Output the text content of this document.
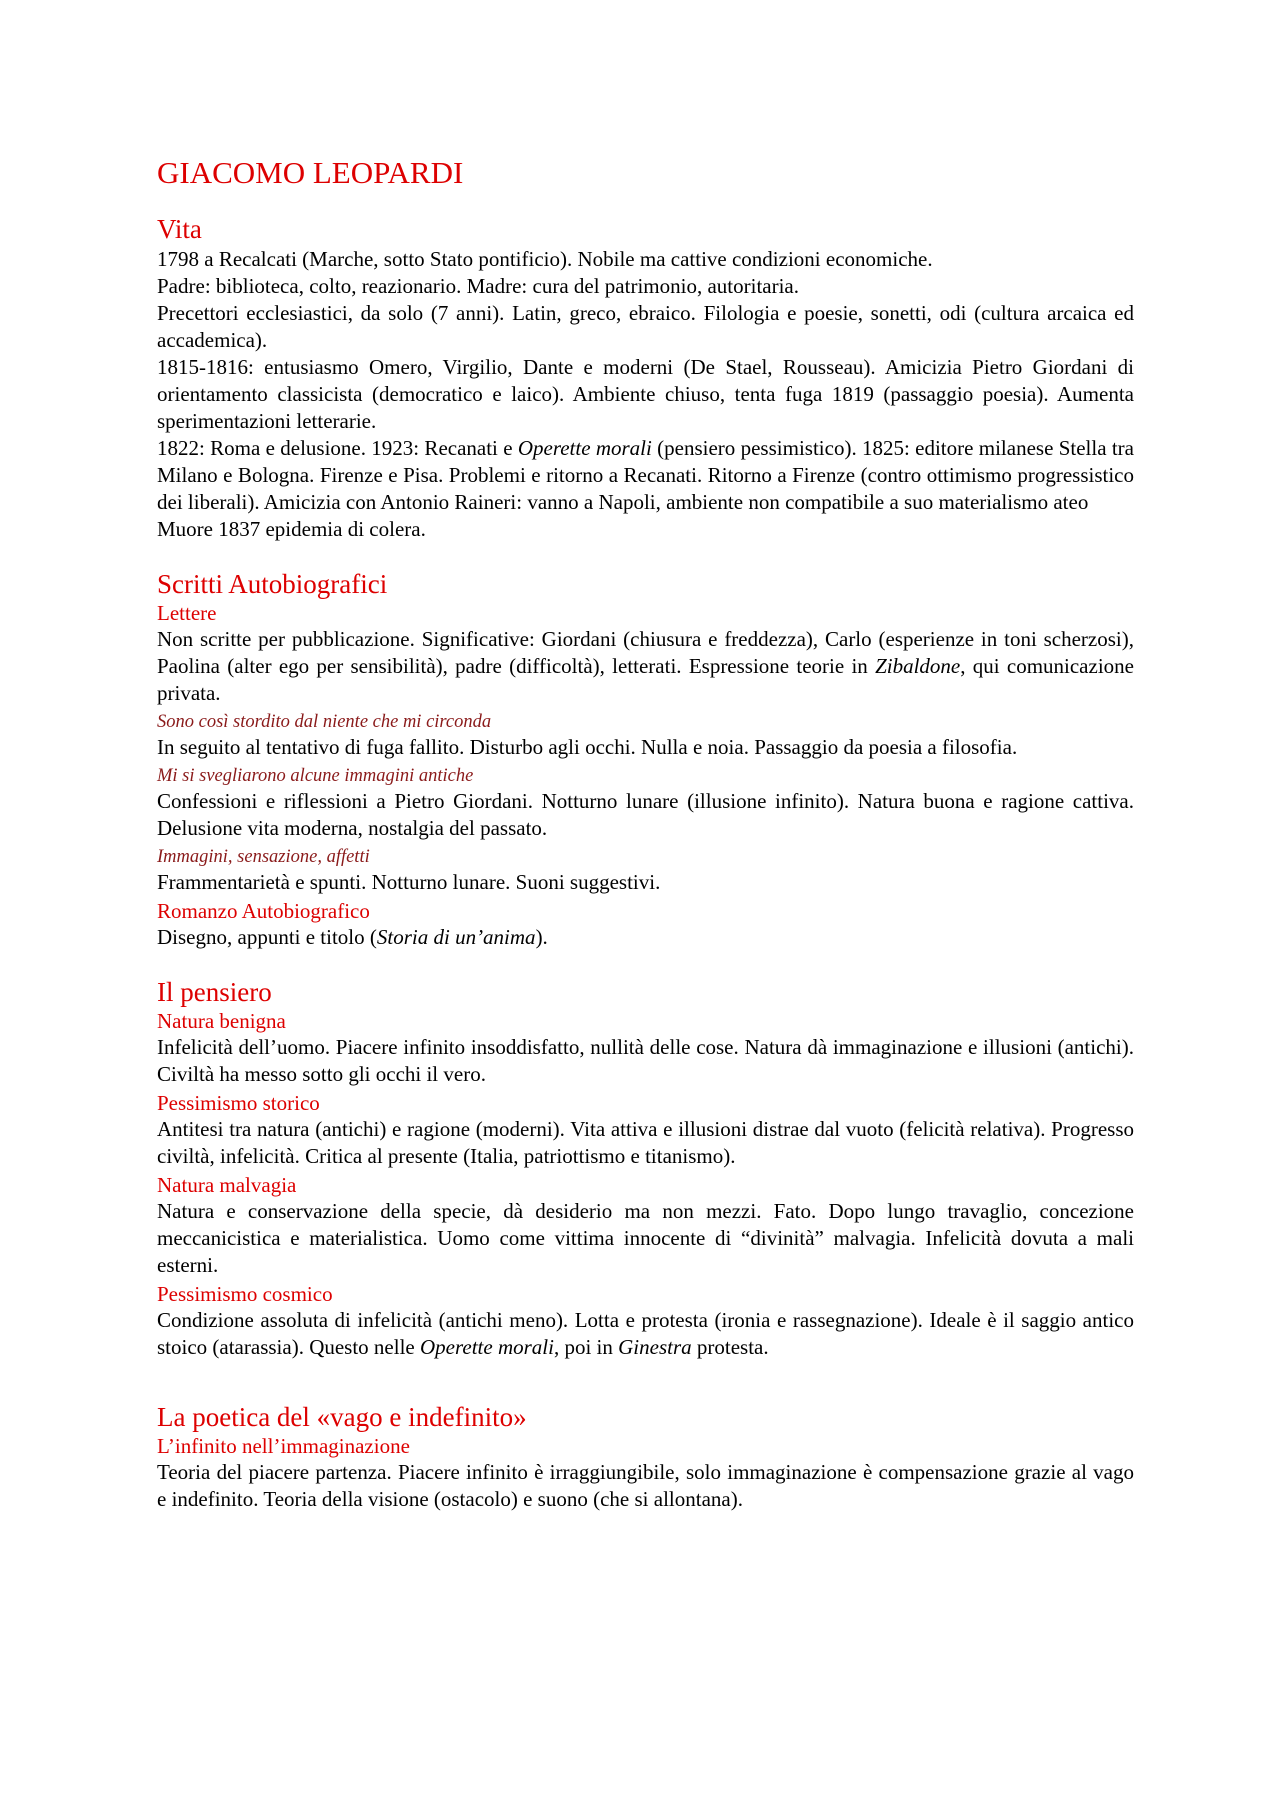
GIACOMO LEOPARDI
Vita

1798 a Recalcati (Marche, sotto Stato pontificio). Nobile ma cattive condizioni economiche.

Padre: biblioteca, colto, reazionario. Madre: cura del patrimonio, autoritaria.

Precettori ecclesiastici, da solo (7 anni). Latin, greco, ebraico. Filologia e poesie, sonetti, odi (cultura arcaica ed accademica).

1815-1816: entusiasmo Omero, Virgilio, Dante e moderni (De Stael, Rousseau). Amicizia Pietro Giordani di orientamento classicista (democratico e laico). Ambiente chiuso, tenta fuga 1819 (passaggio poesia). Aumenta sperimentazioni letterarie.

1822: Roma e delusione. 1923: Recanati e Operette morali (pensiero pessimistico). 1825: editore milanese Stella tra Milano e Bologna. Firenze e Pisa. Problemi e ritorno a Recanati. Ritorno a Firenze (contro ottimismo progressistico dei liberali). Amicizia con Antonio Raineri: vanno a Napoli, ambiente non compatibile a suo materialismo ateo

Muore 1837 epidemia di colera.

Scritti Autobiografici
Lettere

Non scritte per pubblicazione. Significative: Giordani (chiusura e freddezza), Carlo (esperienze in toni scherzosi), Paolina (alter ego per sensibilità), padre (difficoltà), letterati. Espressione teorie in Zibaldone, qui comunicazione privata.

Sono così stordito dal niente che mi circonda

In seguito al tentativo di fuga fallito. Disturbo agli occhi. Nulla e noia. Passaggio da poesia a filosofia.

Mi si svegliarono alcune immagini antiche

Confessioni e riflessioni a Pietro Giordani. Notturno lunare (illusione infinito). Natura buona e ragione cattiva. Delusione vita moderna, nostalgia del passato.

Immagini, sensazione, affetti

Frammentarietà e spunti. Notturno lunare. Suoni suggestivi.

Romanzo Autobiografico

Disegno, appunti e titolo (Storia di un’anima).

Il pensiero
Natura benigna

Infelicità dell’uomo. Piacere infinito insoddisfatto, nullità delle cose. Natura dà immaginazione e illusioni (antichi). Civiltà ha messo sotto gli occhi il vero.

Pessimismo storico

Antitesi tra natura (antichi) e ragione (moderni). Vita attiva e illusioni distrae dal vuoto (felicità relativa). Progresso civiltà, infelicità. Critica al presente (Italia, patriottismo e titanismo).

Natura malvagia

Natura e conservazione della specie, dà desiderio ma non mezzi. Fato. Dopo lungo travaglio, concezione meccanicistica e materialistica. Uomo come vittima innocente di “divinità” malvagia. Infelicità dovuta a mali esterni.

Pessimismo cosmico

Condizione assoluta di infelicità (antichi meno). Lotta e protesta (ironia e rassegnazione). Ideale è il saggio antico stoico (atarassia). Questo nelle Operette morali, poi in Ginestra protesta.

La poetica del «vago e indefinito»
L’infinito nell’immaginazione

Teoria del piacere partenza. Piacere infinito è irraggiungibile, solo immaginazione è compensazione grazie al vago e indefinito. Teoria della visione (ostacolo) e suono (che si allontana).
